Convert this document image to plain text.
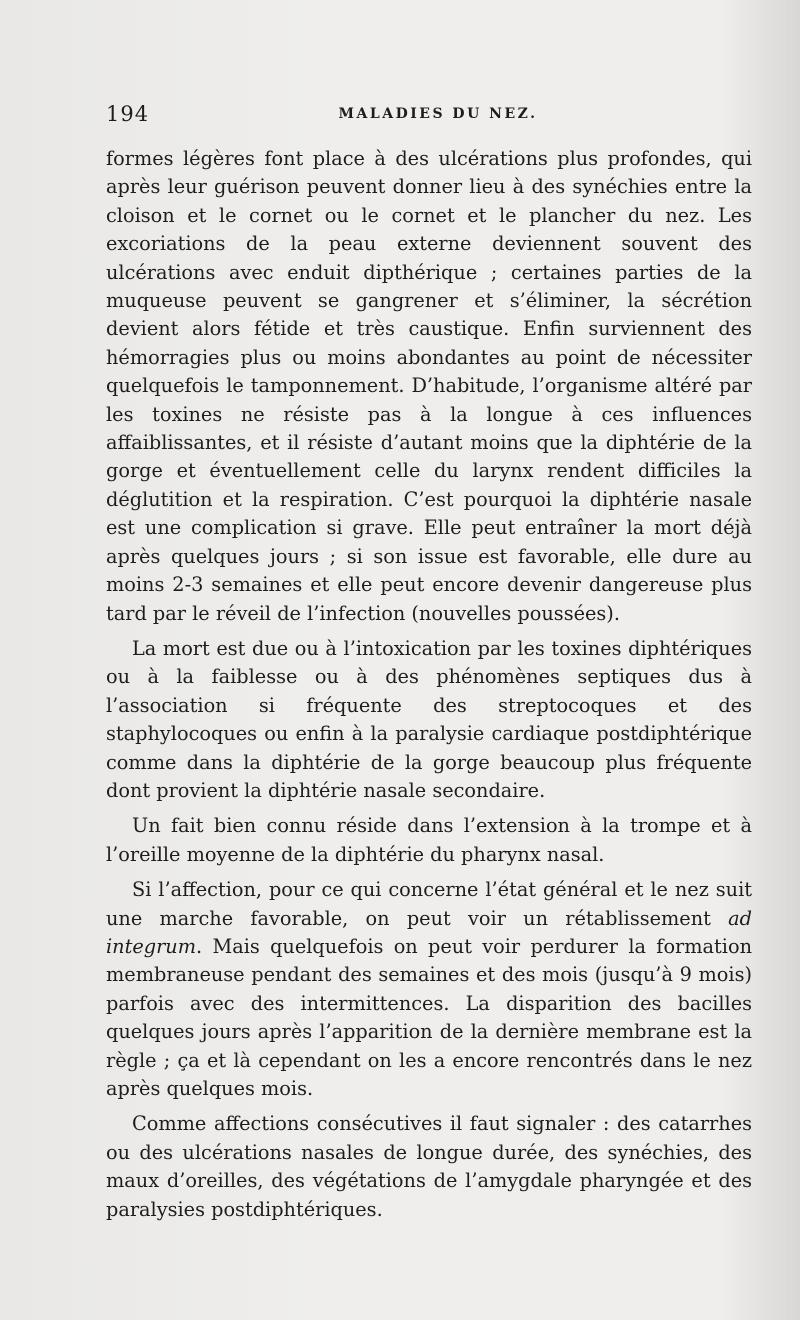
194	MALADIES DU NEZ.

formes légères font place à des ulcérations plus profondes, qui après leur guérison peuvent donner lieu à des synéchies entre la cloison et le cornet ou le cornet et le plancher du nez. Les excoriations de la peau externe deviennent souvent des ulcérations avec enduit dipthérique ; certaines parties de la muqueuse peuvent se gangrener et s’éliminer, la sécrétion devient alors fétide et très caustique. Enfin surviennent des hémorragies plus ou moins abondantes au point de nécessiter quelquefois le tamponnement. D’habitude, l’organisme altéré par les toxines ne résiste pas à la longue à ces influences affaiblissantes, et il résiste d’autant moins que la diphtérie de la gorge et éventuellement celle du larynx rendent difficiles la déglutition et la respiration. C’est pourquoi la diphtérie nasale est une complication si grave. Elle peut entraîner la mort déjà après quelques jours ; si son issue est favorable, elle dure au moins 2-3 semaines et elle peut encore devenir dangereuse plus tard par le réveil de l’infection (nouvelles poussées).

La mort est due ou à l’intoxication par les toxines diphtériques ou à la faiblesse ou à des phénomènes septiques dus à l’association si fréquente des streptocoques et des staphylocoques ou enfin à la paralysie cardiaque postdiphtérique comme dans la diphtérie de la gorge beaucoup plus fréquente dont provient la diphtérie nasale secondaire.

Un fait bien connu réside dans l’extension à la trompe et à l’oreille moyenne de la diphtérie du pharynx nasal.

Si l’affection, pour ce qui concerne l’état général et le nez suit une marche favorable, on peut voir un rétablissement ad integrum. Mais quelquefois on peut voir perdurer la formation membraneuse pendant des semaines et des mois (jusqu’à 9 mois) parfois avec des intermittences. La disparition des bacilles quelques jours après l’apparition de la dernière membrane est la règle ; ça et là cependant on les a encore rencontrés dans le nez après quelques mois.

Comme affections consécutives il faut signaler : des catarrhes ou des ulcérations nasales de longue durée, des synéchies, des maux d’oreilles, des végétations de l’amygdale pharyngée et des paralysies postdiphtériques.
